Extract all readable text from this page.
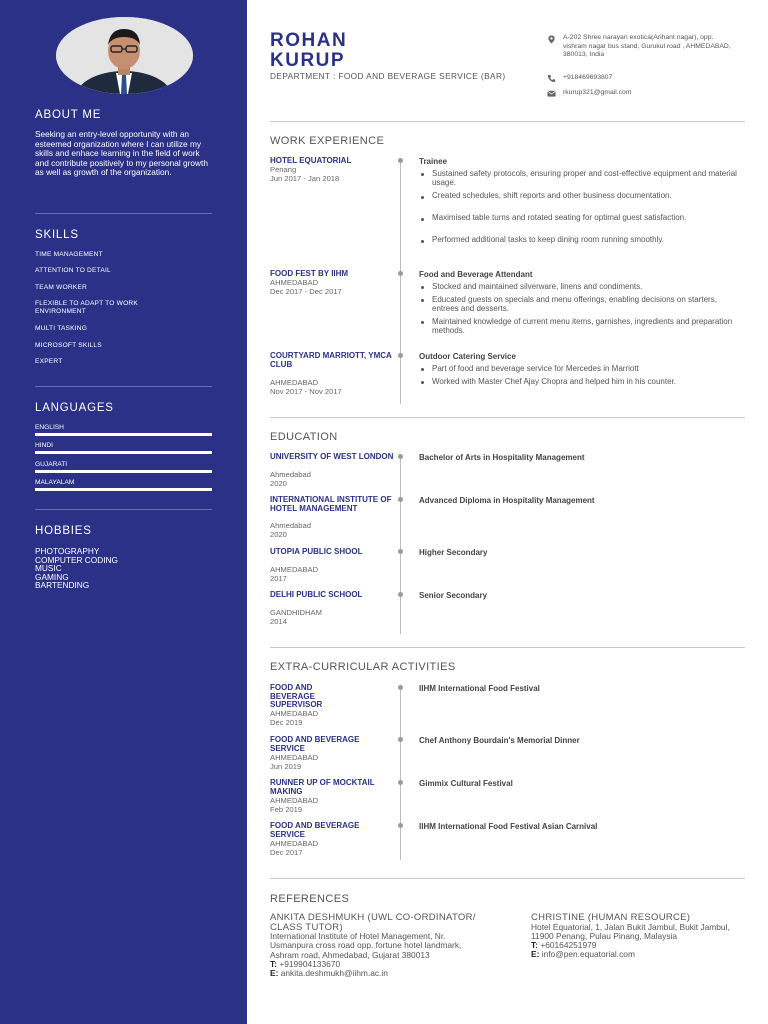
ABOUT ME
Seeking an entry-level opportunity with an esteemed organization where I can utilize my skills and enhace learning in the field of work and contribute positively to my personal growth as well as growth of the organization.
SKILLS
TIME MANAGEMENT
ATTENTION TO DETAIL
TEAM WORKER
FLEXIBLE TO ADAPT TO WORK ENVIRONMENT
MULTI TASKING
MICROSOFT SKILLS
EXPERT
LANGUAGES
ENGLISH
HINDI
GUJARATI
MALAYALAM
HOBBIES
PHOTOGRAPHY
COMPUTER CODING
MUSIC
GAMING
BARTENDING
ROHAN
KURUP
DEPARTMENT : FOOD AND BEVERAGE SERVICE (BAR)
A-202 Shree narayan exotica(Arihant nagar), opp. vishram nagar bus stand, Gurukul road , AHMEDABAD, 380013, India
+918469693807
rkurup321@gmail.com
WORK EXPERIENCE
HOTEL EQUATORIAL
Penang
Jun 2017 - Jan 2018
Trainee
Sustained safety protocols, ensuring proper and cost-effective equipment and material usage.
Created schedules, shift reports and other business documentation.
Maximised table turns and rotated seating for optimal guest satisfaction.
Performed additional tasks to keep dining room running smoothly.
FOOD FEST BY IIHM
AHMEDABAD
Dec 2017 - Dec 2017
Food and Beverage Attendant
Stocked and maintained silverware, linens and condiments.
Educated guests on specials and menu offerings, enabling decisions on starters, entrees and desserts.
Maintained knowledge of current menu items, garnishes, ingredients and preparation methods.
COURTYARD MARRIOTT, YMCA CLUB
AHMEDABAD
Nov 2017 - Nov 2017
Outdoor Catering Service
Part of food and beverage service for Mercedes in Marriott
Worked with Master Chef Ajay Chopra and helped him in his counter.
EDUCATION
UNIVERSITY OF WEST LONDON
Ahmedabad
2020
Bachelor of Arts in Hospitality Management
INTERNATIONAL INSTITUTE OF HOTEL MANAGEMENT
Ahmedabad
2020
Advanced Diploma in Hospitality Management
UTOPIA PUBLIC SHOOL
AHMEDABAD
2017
Higher Secondary
DELHI PUBLIC SCHOOL
GANDHIDHAM
2014
Senior Secondary
EXTRA-CURRICULAR ACTIVITIES
FOOD AND BEVERAGE SUPERVISOR
AHMEDABAD
Dec 2019
IIHM International Food Festival
FOOD AND BEVERAGE SERVICE
AHMEDABAD
Jun 2019
Chef Anthony Bourdain's Memorial Dinner
RUNNER UP OF MOCKTAIL MAKING
AHMEDABAD
Feb 2019
Gimmix Cultural Festival
FOOD AND BEVERAGE SERVICE
AHMEDABAD
Dec 2017
IIHM International Food Festival Asian Carnival
REFERENCES
ANKITA DESHMUKH (UWL CO-ORDINATOR/ CLASS TUTOR)
International Institute of Hotel Management, Nr. Usmanpura cross road opp. fortune hotel landmark, Ashram road, Ahmedabad, Gujarat 380013
T: +919904133670
E: ankita.deshmukh@iihm.ac.in
CHRISTINE (HUMAN RESOURCE)
Hotel Equatorial, 1, Jalan Bukit Jambul, Bukit Jambul, 11900 Penang, Pulau Pinang, Malaysia
T: +60164251979
E: info@pen.equatorial.com
